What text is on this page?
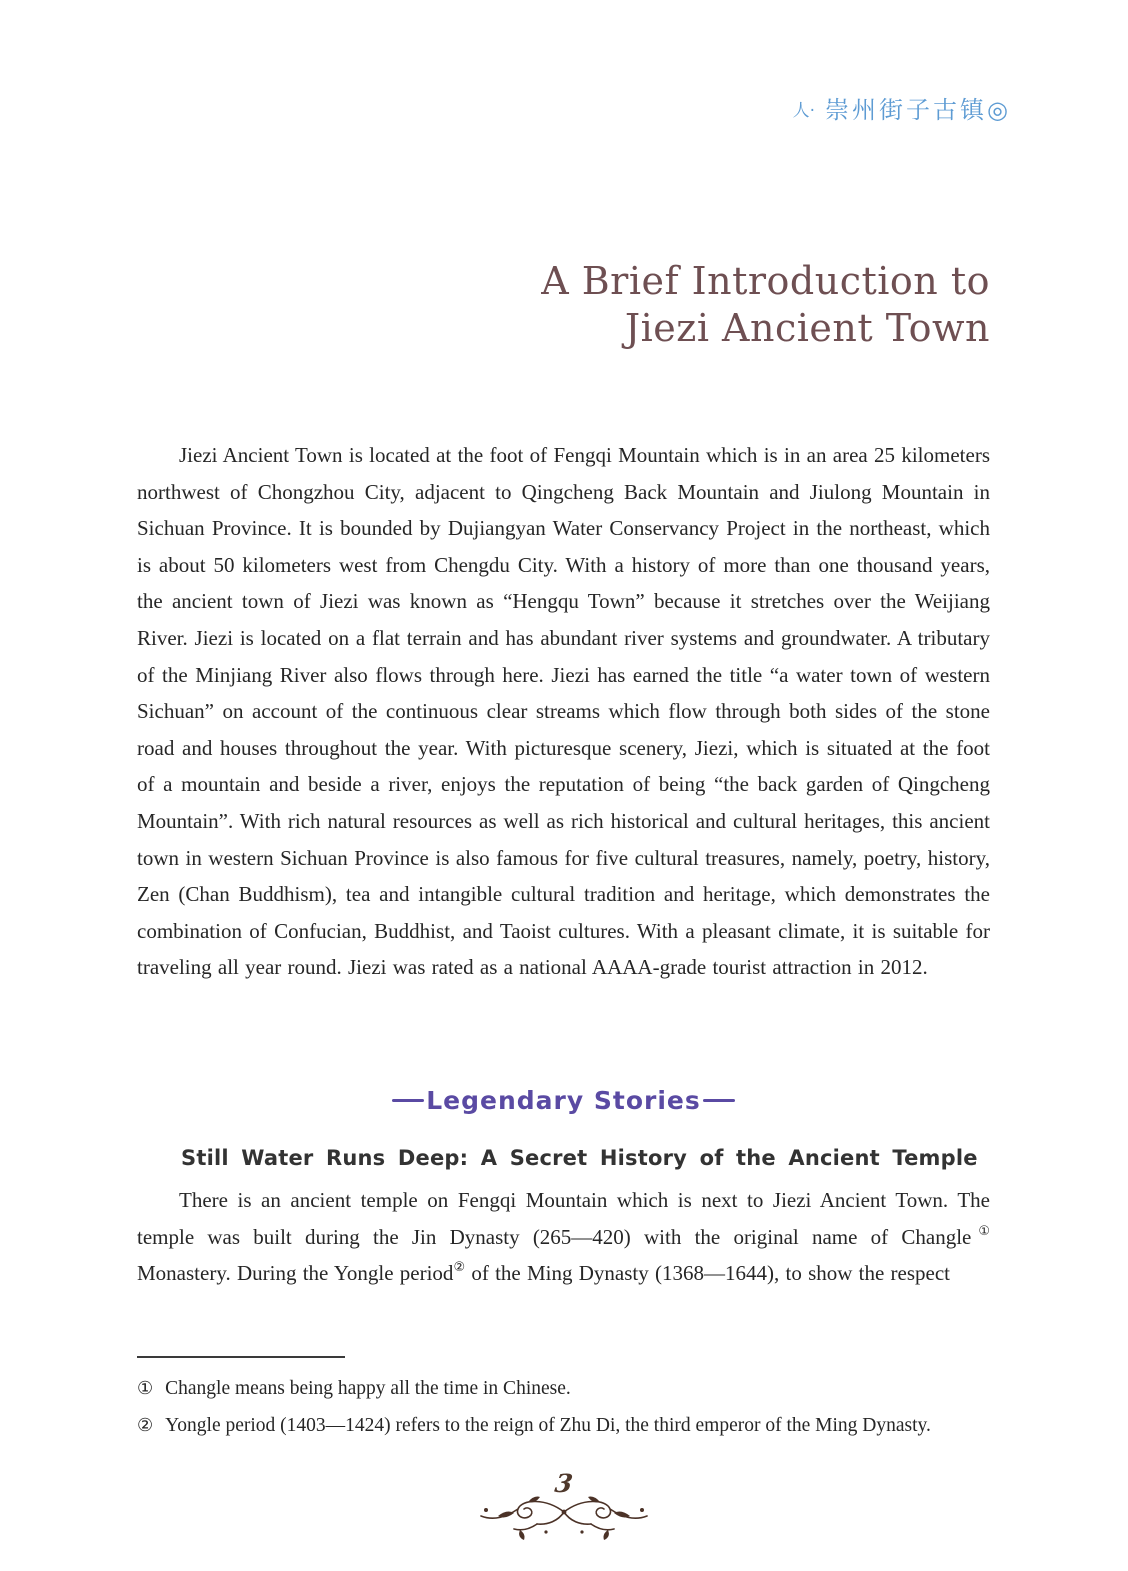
人· 崇州街子古镇◎
A Brief Introduction to
Jiezi Ancient Town

Jiezi Ancient Town is located at the foot of Fengqi Mountain which is in an area 25 kilometers northwest of Chongzhou City, adjacent to Qingcheng Back Mountain and Jiulong Mountain in Sichuan Province. It is bounded by Dujiangyan Water Conservancy Project in the northeast, which is about 50 kilometers west from Chengdu City. With a history of more than one thousand years, the ancient town of Jiezi was known as “Hengqu Town” because it stretches over the Weijiang River. Jiezi is located on a flat terrain and has abundant river systems and groundwater. A tributary of the Minjiang River also flows through here. Jiezi has earned the title “a water town of western Sichuan” on account of the continuous clear streams which flow through both sides of the stone road and houses throughout the year. With picturesque scenery, Jiezi, which is situated at the foot of a mountain and beside a river, enjoys the reputation of being “the back garden of Qingcheng Mountain”. With rich natural resources as well as rich historical and cultural heritages, this ancient town in western Sichuan Province is also famous for five cultural treasures, namely, poetry, history, Zen (Chan Buddhism), tea and intangible cultural tradition and heritage, which demonstrates the combination of Confucian, Buddhist, and Taoist cultures. With a pleasant climate, it is suitable for traveling all year round. Jiezi was rated as a national AAAA-grade tourist attraction in 2012.

Legendary Stories
Still Water Runs Deep: A Secret History of the Ancient Temple

There is an ancient temple on Fengqi Mountain which is next to Jiezi Ancient Town. The temple was built during the Jin Dynasty (265—420) with the original name of Changle① Monastery. During the Yongle period② of the Ming Dynasty (1368—1644), to show the respect

① Changle means being happy all the time in Chinese.
② Yongle period (1403—1424) refers to the reign of Zhu Di, the third emperor of the Ming Dynasty.
3
